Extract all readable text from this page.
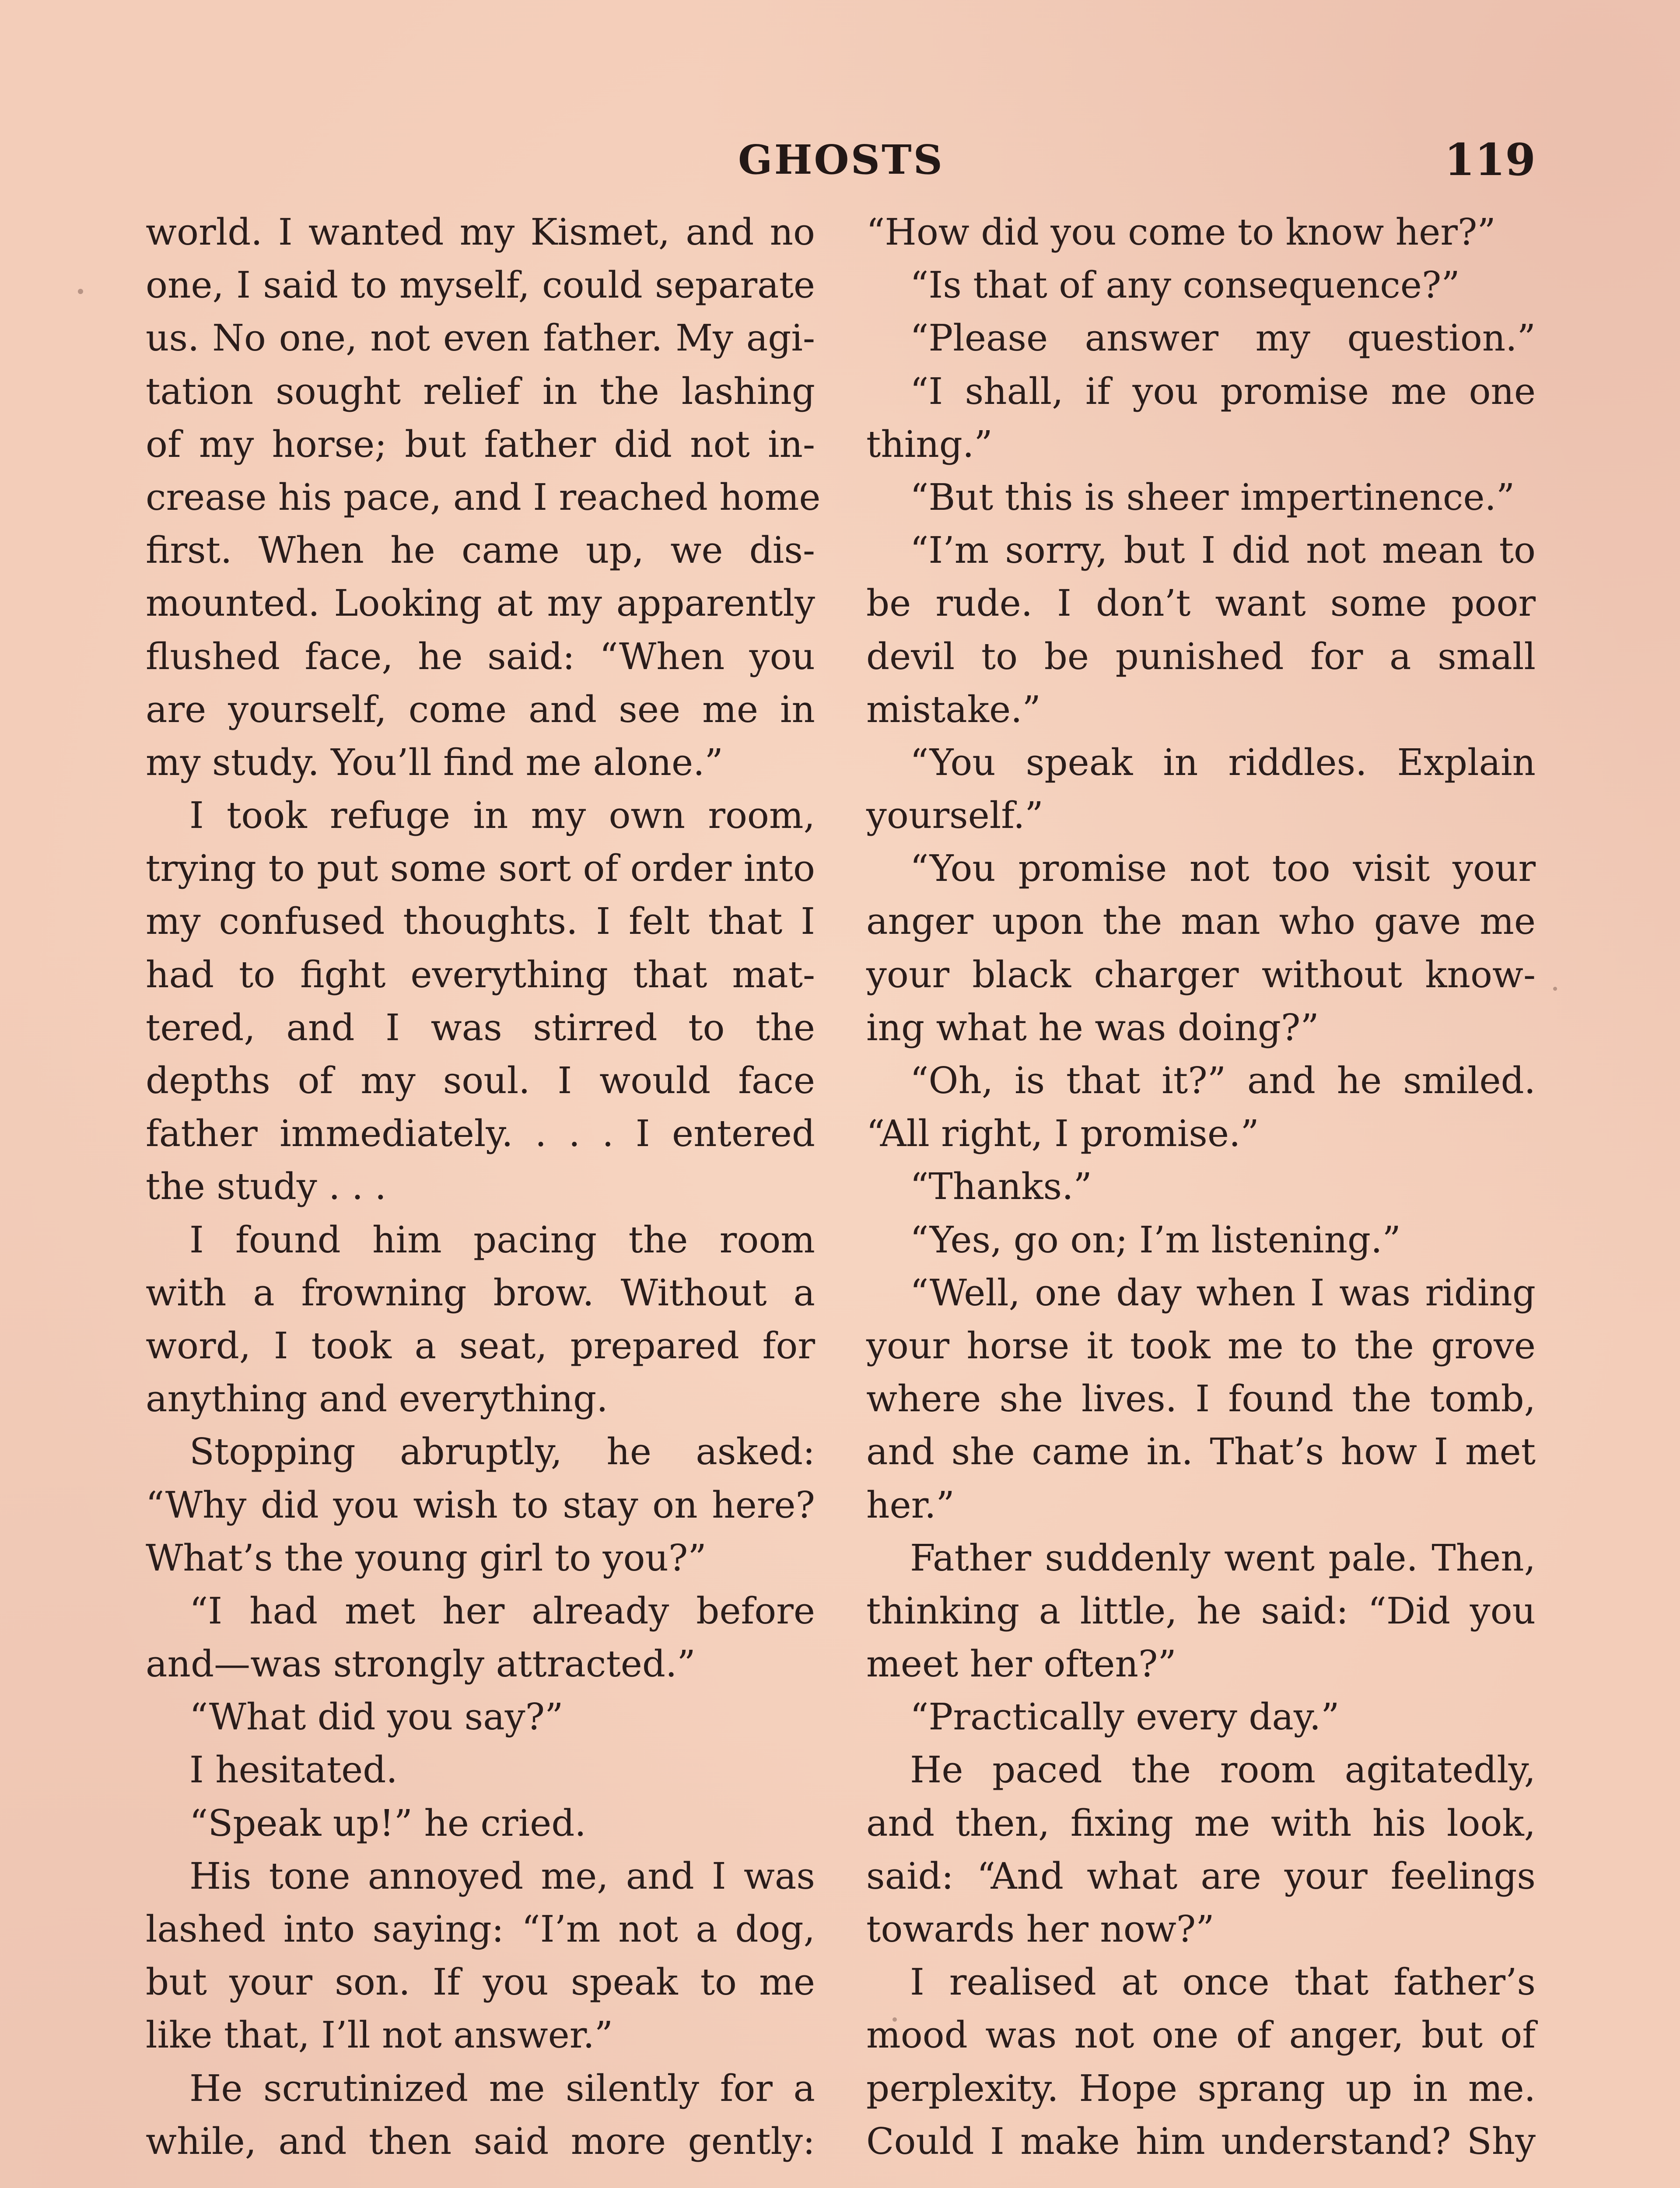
GHOSTS	119
world. I wanted my Kismet, and no
one, I said to myself, could separate
us. No one, not even father. My agi-
tation sought relief in the lashing
of my horse; but father did not in-
crease his pace, and I reached home
first. When he came up, we dis-
mounted. Looking at my apparently
flushed face, he said: “When you
are yourself, come and see me in
my study. You’ll find me alone.”
I took refuge in my own room,
trying to put some sort of order into
my confused thoughts. I felt that I
had to fight everything that mat-
tered, and I was stirred to the
depths of my soul. I would face
father immediately. . . . I entered
the study . . .
I found him pacing the room
with a frowning brow. Without a
word, I took a seat, prepared for
anything and everything.
Stopping abruptly, he asked:
“Why did you wish to stay on here?
What’s the young girl to you?”
“I had met her already before
and—was strongly attracted.”
“What did you say?”
I hesitated.
“Speak up!” he cried.
His tone annoyed me, and I was
lashed into saying: “I’m not a dog,
but your son. If you speak to me
like that, I’ll not answer.”
He scrutinized me silently for a
while, and then said more gently:
“How did you come to know her?”
“Is that of any consequence?”
“Please answer my question.”
“I shall, if you promise me one
thing.”
“But this is sheer impertinence.”
“I’m sorry, but I did not mean to
be rude. I don’t want some poor
devil to be punished for a small
mistake.”
“You speak in riddles. Explain
yourself.”
“You promise not too visit your
anger upon the man who gave me
your black charger without know-
ing what he was doing?”
“Oh, is that it?” and he smiled.
“All right, I promise.”
“Thanks.”
“Yes, go on; I’m listening.”
“Well, one day when I was riding
your horse it took me to the grove
where she lives. I found the tomb,
and she came in. That’s how I met
her.”
Father suddenly went pale. Then,
thinking a little, he said: “Did you
meet her often?”
“Practically every day.”
He paced the room agitatedly,
and then, fixing me with his look,
said: “And what are your feelings
towards her now?”
I realised at once that father’s
mood was not one of anger, but of
perplexity. Hope sprang up in me.
Could I make him understand? Shy
